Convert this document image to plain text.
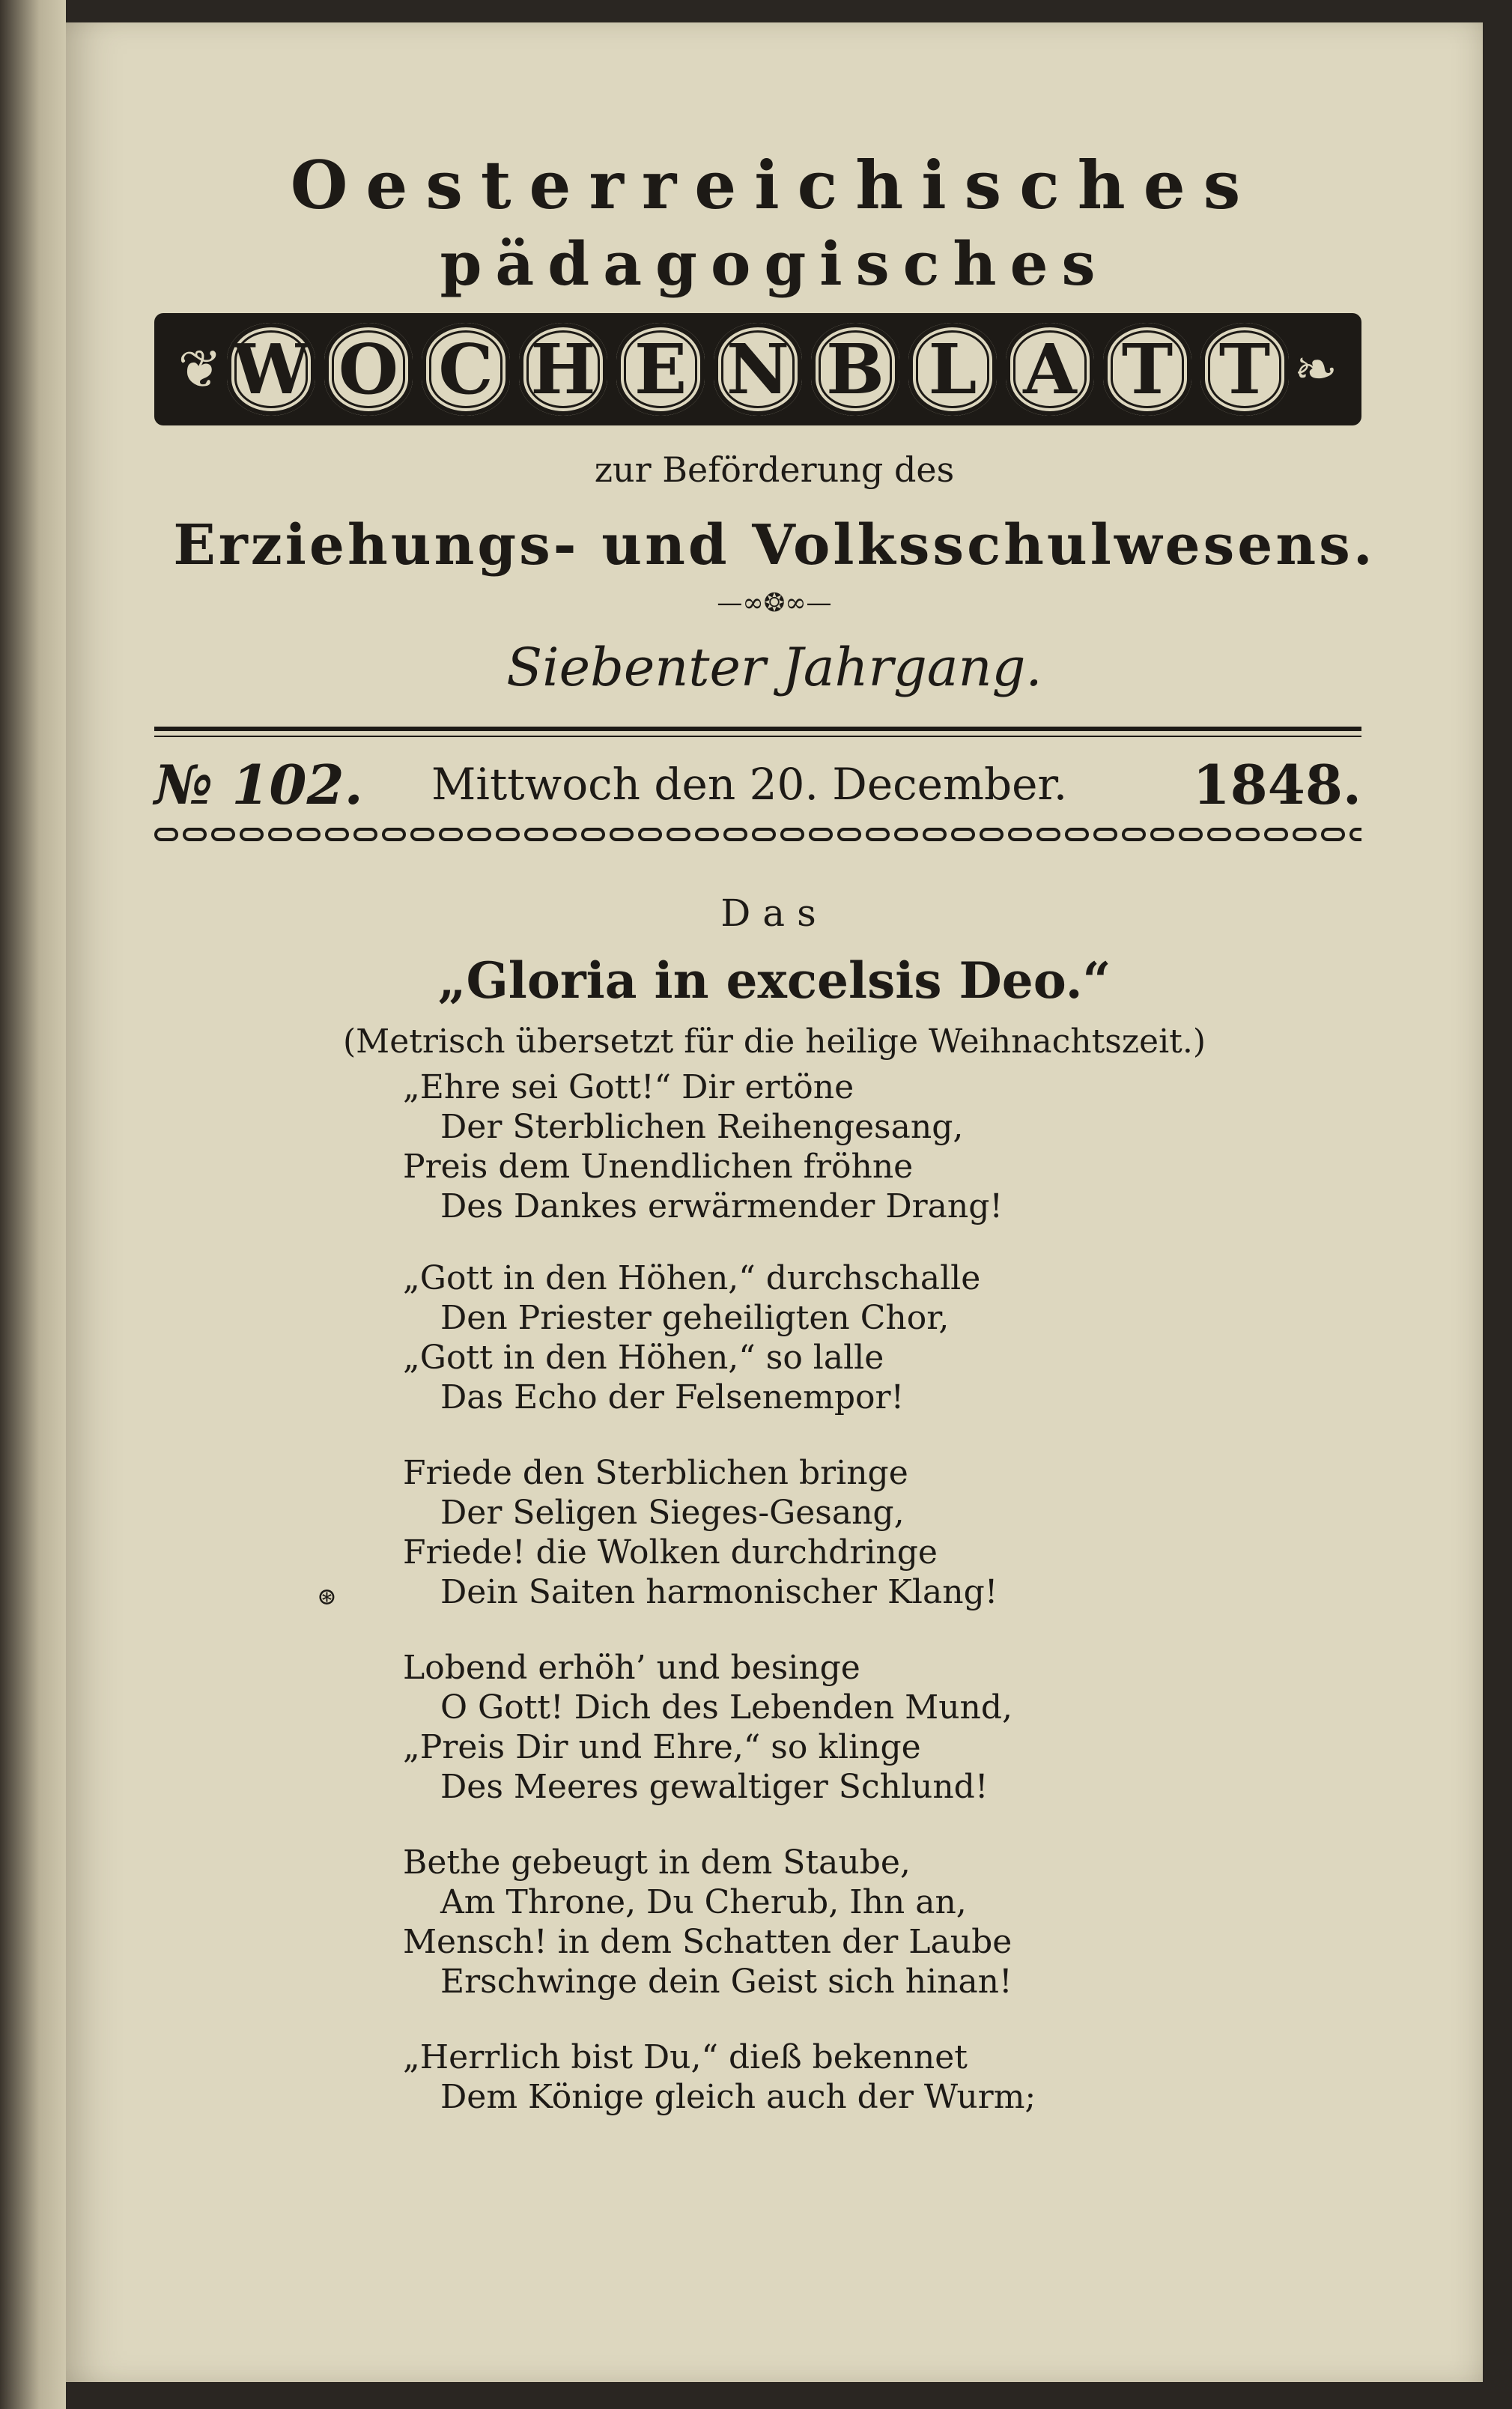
Oesterreichisches
pädagogisches
❦ W O C H E N B L A T T ❧
zur Beförderung des
Erziehungs- und Volksschulwesens.
—∞❂∞—
Siebenter Jahrgang.
№ 102. Mittwoch den 20. December. 1848.
Das
„Gloria in excelsis Deo.“
(Metrisch übersetzt für die heilige Weihnachtszeit.)
„Ehre sei Gott!“ Dir ertöne
Der Sterblichen Reihengesang,
Preis dem Unendlichen fröhne
Des Dankes erwärmender Drang!
„Gott in den Höhen,“ durchschalle
Den Priester geheiligten Chor,
„Gott in den Höhen,“ so lalle
Das Echo der Felsenempor!
Friede den Sterblichen bringe
Der Seligen Sieges-Gesang,
Friede! die Wolken durchdringe
Dein Saiten harmonischer Klang!
Lobend erhöh’ und besinge
O Gott! Dich des Lebenden Mund,
„Preis Dir und Ehre,“ so klinge
Des Meeres gewaltiger Schlund!
Bethe gebeugt in dem Staube,
Am Throne, Du Cherub, Ihn an,
Mensch! in dem Schatten der Laube
Erschwinge dein Geist sich hinan!
„Herrlich bist Du,“ dieß bekennet
Dem Könige gleich auch der Wurm;
⊛
